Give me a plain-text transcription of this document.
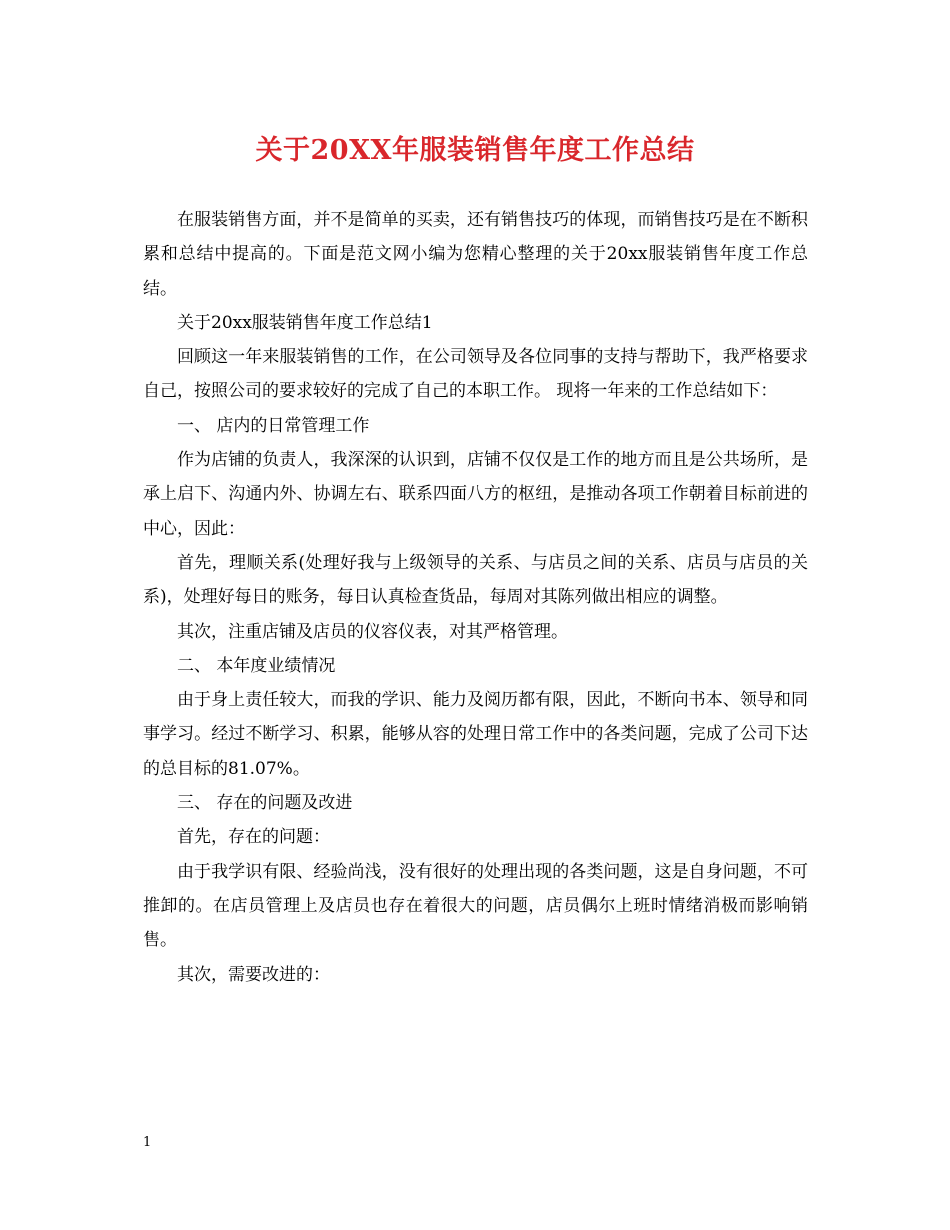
关于20XX年服装销售年度工作总结

在服装销售方面，并不是简单的买卖，还有销售技巧的体现，而销售技巧是在不断积累和总结中提高的。下面是范文网小编为您精心整理的关于20xx服装销售年度工作总结。

关于20xx服装销售年度工作总结1

回顾这一年来服装销售的工作，在公司领导及各位同事的支持与帮助下，我严格要求自己，按照公司的要求较好的完成了自己的本职工作。 现将一年来的工作总结如下：

一、 店内的日常管理工作

作为店铺的负责人，我深深的认识到，店铺不仅仅是工作的地方而且是公共场所，是承上启下、沟通内外、协调左右、联系四面八方的枢纽，是推动各项工作朝着目标前进的中心，因此：

首先，理顺关系(处理好我与上级领导的关系、与店员之间的关系、店员与店员的关系)，处理好每日的账务，每日认真检查货品，每周对其陈列做出相应的调整。

其次，注重店铺及店员的仪容仪表，对其严格管理。

二、 本年度业绩情况

由于身上责任较大，而我的学识、能力及阅历都有限，因此，不断向书本、领导和同事学习。经过不断学习、积累，能够从容的处理日常工作中的各类问题，完成了公司下达的总目标的81.07%。

三、 存在的问题及改进

首先，存在的问题：

由于我学识有限、经验尚浅，没有很好的处理出现的各类问题，这是自身问题，不可推卸的。在店员管理上及店员也存在着很大的问题，店员偶尔上班时情绪消极而影响销售。

其次，需要改进的：

1
